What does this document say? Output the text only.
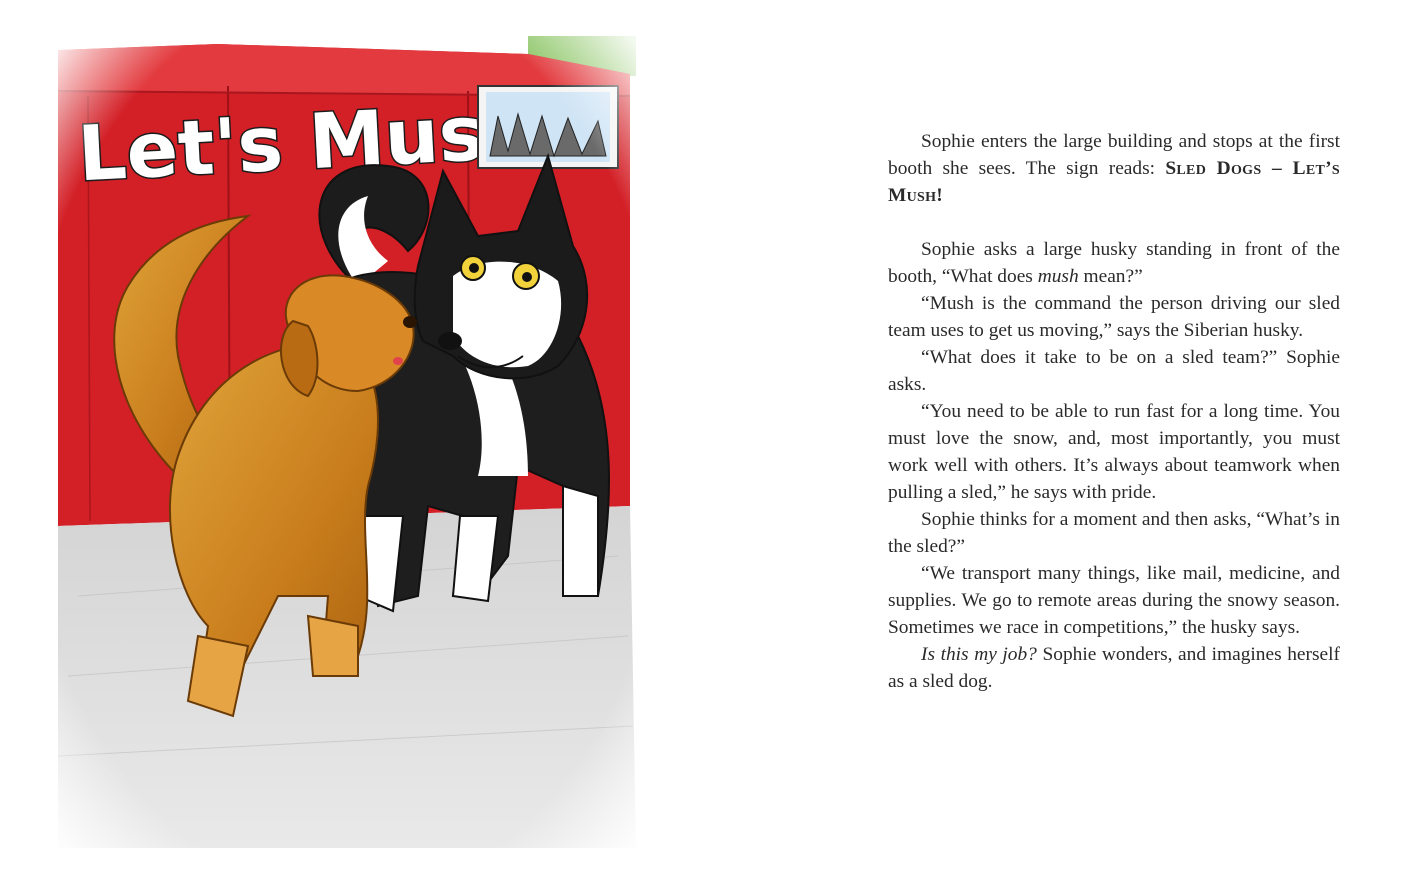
Sophie enters the large building and stops at the first booth she sees. The sign reads: Sled Dogs – Let’s Mush!

Sophie asks a large husky standing in front of the booth, “What does mush mean?”

“Mush is the command the person driving our sled team uses to get us moving,” says the Siberian husky.

“What does it take to be on a sled team?” Sophie asks.

“You need to be able to run fast for a long time. You must love the snow, and, most importantly, you must work well with others. It’s always about teamwork when pulling a sled,” he says with pride.

Sophie thinks for a moment and then asks, “What’s in the sled?”

“We transport many things, like mail, medicine, and supplies. We go to remote areas during the snowy season. Sometimes we race in competitions,” the husky says.

Is this my job? Sophie wonders, and imagines herself as a sled dog.
